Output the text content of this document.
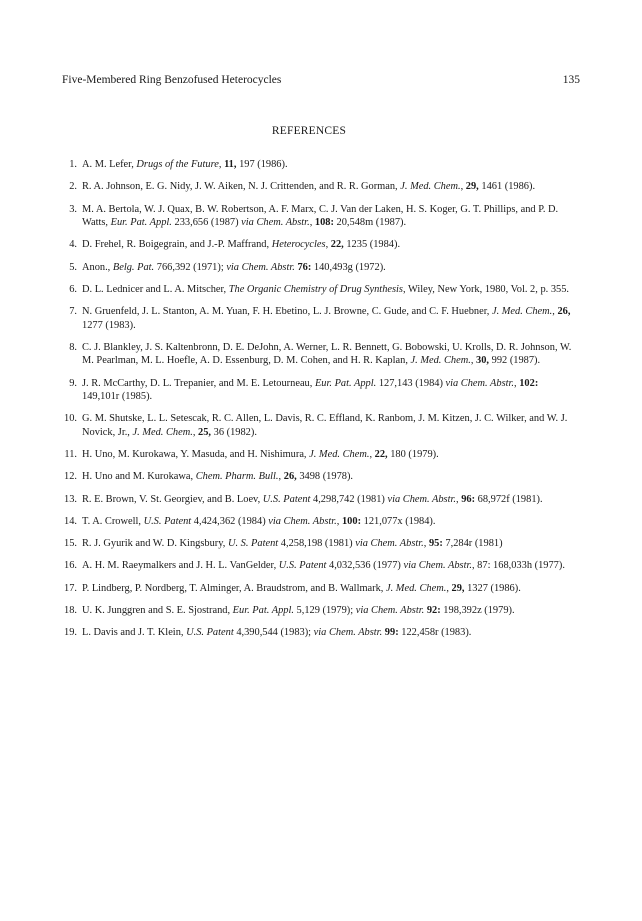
Five-Membered Ring Benzofused Heterocycles	135
REFERENCES
1. A. M. Lefer, Drugs of the Future, 11, 197 (1986).
2. R. A. Johnson, E. G. Nidy, J. W. Aiken, N. J. Crittenden, and R. R. Gorman, J. Med. Chem., 29, 1461 (1986).
3. M. A. Bertola, W. J. Quax, B. W. Robertson, A. F. Marx, C. J. Van der Laken, H. S. Koger, G. T. Phillips, and P. D. Watts, Eur. Pat. Appl. 233,656 (1987) via Chem. Abstr., 108: 20,548m (1987).
4. D. Frehel, R. Boigegrain, and J.-P. Maffrand, Heterocycles, 22, 1235 (1984).
5. Anon., Belg. Pat. 766,392 (1971); via Chem. Abstr. 76: 140,493g (1972).
6. D. L. Lednicer and L. A. Mitscher, The Organic Chemistry of Drug Synthesis, Wiley, New York, 1980, Vol. 2, p. 355.
7. N. Gruenfeld, J. L. Stanton, A. M. Yuan, F. H. Ebetino, L. J. Browne, C. Gude, and C. F. Huebner, J. Med. Chem., 26, 1277 (1983).
8. C. J. Blankley, J. S. Kaltenbronn, D. E. DeJohn, A. Werner, L. R. Bennett, G. Bobowski, U. Krolls, D. R. Johnson, W. M. Pearlman, M. L. Hoefle, A. D. Essenburg, D. M. Cohen, and H. R. Kaplan, J. Med. Chem., 30, 992 (1987).
9. J. R. McCarthy, D. L. Trepanier, and M. E. Letourneau, Eur. Pat. Appl. 127,143 (1984) via Chem. Abstr., 102: 149,101r (1985).
10. G. M. Shutske, L. L. Setescak, R. C. Allen, L. Davis, R. C. Effland, K. Ranbom, J. M. Kitzen, J. C. Wilker, and W. J. Novick, Jr., J. Med. Chem., 25, 36 (1982).
11. H. Uno, M. Kurokawa, Y. Masuda, and H. Nishimura, J. Med. Chem., 22, 180 (1979).
12. H. Uno and M. Kurokawa, Chem. Pharm. Bull., 26, 3498 (1978).
13. R. E. Brown, V. St. Georgiev, and B. Loev, U.S. Patent 4,298,742 (1981) via Chem. Abstr., 96: 68,972f (1981).
14. T. A. Crowell, U.S. Patent 4,424,362 (1984) via Chem. Abstr., 100: 121,077x (1984).
15. R. J. Gyurik and W. D. Kingsbury, U. S. Patent 4,258,198 (1981) via Chem. Abstr., 95: 7,284r (1981)
16. A. H. M. Raeymalkers and J. H. L. VanGelder, U.S. Patent 4,032,536 (1977) via Chem. Abstr., 87: 168,033h (1977).
17. P. Lindberg, P. Nordberg, T. Alminger, A. Braudstrom, and B. Wallmark, J. Med. Chem., 29, 1327 (1986).
18. U. K. Junggren and S. E. Sjostrand, Eur. Pat. Appl. 5,129 (1979); via Chem. Abstr. 92: 198,392z (1979).
19. L. Davis and J. T. Klein, U.S. Patent 4,390,544 (1983); via Chem. Abstr. 99: 122,458r (1983).
